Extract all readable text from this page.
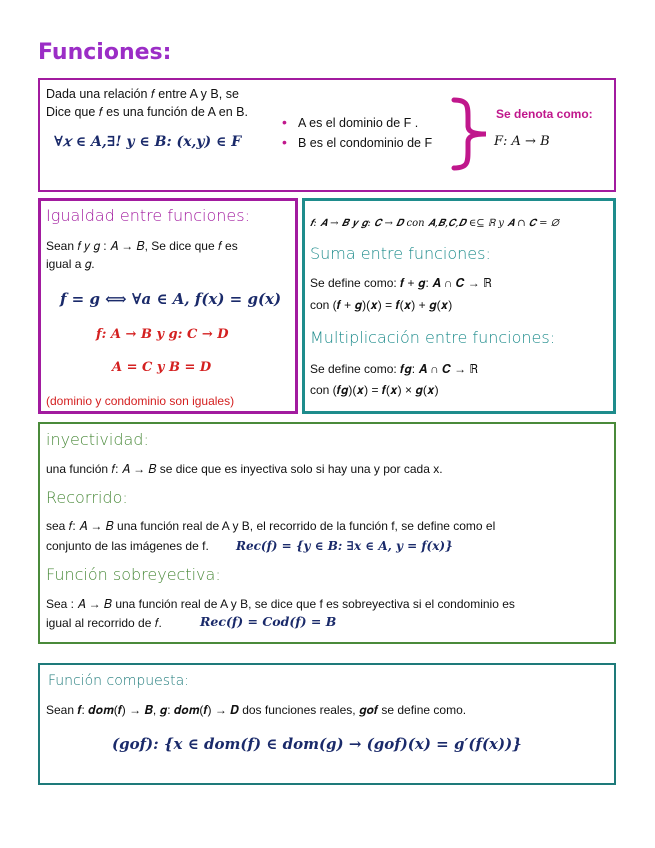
Funciones:
Dada una relación 𝑓 entre A y B, se
Dice que 𝑓 es una función de A en B.
∀𝑥 ∈ 𝑨,∃! 𝒚 ∈ 𝑩: (𝒙,𝒚) ∈ 𝑭
• A es el dominio de F .
• B es el condominio de F
Se denota como:
𝐹: 𝐴 → 𝐵
Igualdad entre funciones:
Sean 𝑓 𝑦 𝑔 : 𝐴 → 𝐵, Se dice que 𝑓 es
igual a 𝑔.
𝒇 = 𝒈 ⟺ ∀𝒂 ∈ 𝑨, 𝒇(𝒙) = 𝒈(𝒙)
𝒇: 𝑨 → 𝑩 𝒚 𝒈: 𝑪 → 𝑫
𝑨 = 𝑪 𝒚 𝑩 = 𝑫
(dominio y condominio son iguales)
𝒇: 𝑨 → 𝑩 𝒚 𝒈: 𝑪 → 𝑫 con 𝑨,𝑩,𝑪,𝑫 ∈⊆ ℝ y 𝑨 ∩ 𝑪 = ∅
Suma entre funciones:
Se define como: 𝒇 + 𝒈: 𝑨 ∩ 𝑪 → ℝ
con (𝒇 + 𝒈)(𝒙) = 𝒇(𝒙) + 𝒈(𝒙)
Multiplicación entre funciones:
Se define como: 𝒇𝒈: 𝑨 ∩ 𝑪 → ℝ
con (𝒇𝒈)(𝒙) = 𝒇(𝒙) × 𝒈(𝒙)
inyectividad:
una función 𝑓: 𝐴 → 𝐵 se dice que es inyectiva solo si hay una y por cada x.
Recorrido:
sea 𝑓: 𝐴 → 𝐵 una función real de A y B, el recorrido de la función f, se define como el
conjunto de las imágenes de f. 𝑹𝒆𝒄(𝒇) = {𝒚 ∈ 𝑩: ∃𝒙 ∈ 𝑨, 𝒚 = 𝒇(𝒙)}
Función sobreyectiva:
Sea : 𝐴 → 𝐵 una función real de A y B, se dice que f es sobreyectiva si el condominio es
igual al recorrido de 𝑓.	𝑹𝒆𝒄(𝒇) = 𝑪𝒐𝒅(𝒇) = 𝑩
Función compuesta:
Sean 𝒇: 𝒅𝒐𝒎(𝒇) → 𝑩, 𝒈: 𝒅𝒐𝒎(𝒇) → 𝑫 dos funciones reales, 𝒈𝒐𝒇 se define como.
(𝒈𝒐𝒇): {𝒙 ∈ 𝒅𝒐𝒎(𝒇) ∈ 𝒅𝒐𝒎(𝒈) → (𝒈𝒐𝒇)(𝒙) = 𝒈′(𝒇(𝒙))}
